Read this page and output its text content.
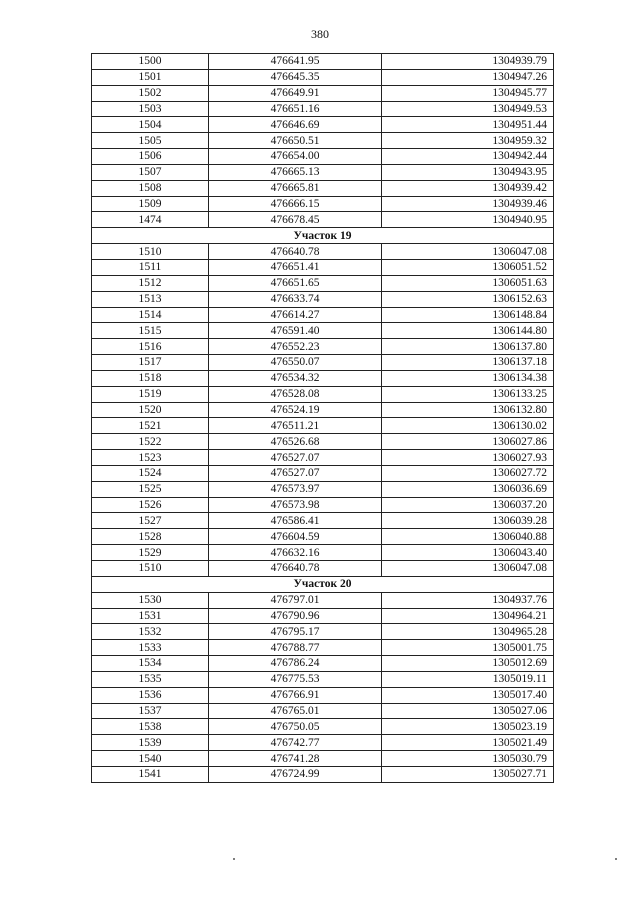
380
1500	476641.95	1304939.79
1501	476645.35	1304947.26
1502	476649.91	1304945.77
1503	476651.16	1304949.53
1504	476646.69	1304951.44
1505	476650.51	1304959.32
1506	476654.00	1304942.44
1507	476665.13	1304943.95
1508	476665.81	1304939.42
1509	476666.15	1304939.46
1474	476678.45	1304940.95
Участок 19		
1510	476640.78	1306047.08
1511	476651.41	1306051.52
1512	476651.65	1306051.63
1513	476633.74	1306152.63
1514	476614.27	1306148.84
1515	476591.40	1306144.80
1516	476552.23	1306137.80
1517	476550.07	1306137.18
1518	476534.32	1306134.38
1519	476528.08	1306133.25
1520	476524.19	1306132.80
1521	476511.21	1306130.02
1522	476526.68	1306027.86
1523	476527.07	1306027.93
1524	476527.07	1306027.72
1525	476573.97	1306036.69
1526	476573.98	1306037.20
1527	476586.41	1306039.28
1528	476604.59	1306040.88
1529	476632.16	1306043.40
1510	476640.78	1306047.08
Участок 20		
1530	476797.01	1304937.76
1531	476790.96	1304964.21
1532	476795.17	1304965.28
1533	476788.77	1305001.75
1534	476786.24	1305012.69
1535	476775.53	1305019.11
1536	476766.91	1305017.40
1537	476765.01	1305027.06
1538	476750.05	1305023.19
1539	476742.77	1305021.49
1540	476741.28	1305030.79
1541	476724.99	1305027.71
